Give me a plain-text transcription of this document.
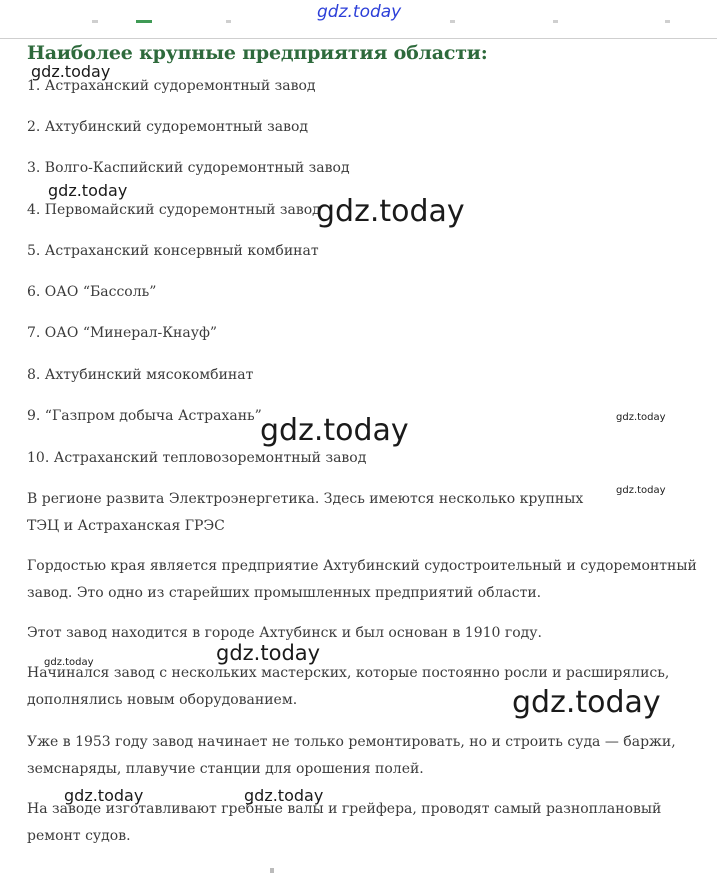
Наиболее крупные предприятия области:

1. Астраханский судоремонтный завод

2. Ахтубинский судоремонтный завод

3. Волго-Каспийский судоремонтный завод

4. Первомайский судоремонтный завод

5. Астраханский консервный комбинат

6. ОАО “Бассоль”

7. ОАО “Минерал-Кнауф”

8. Ахтубинский мясокомбинат

9. “Газпром добыча Астрахань”

10. Астраханский тепловозоремонтный завод

В регионе развита Электроэнергетика. Здесь имеются несколько крупных ТЭЦ и Астраханская ГРЭС

Гордостью края является предприятие Ахтубинский судостроительный и судоремонтный завод. Это одно из старейших промышленных предприятий области.

Этот завод находится в городе Ахтубинск и был основан в 1910 году.

Начинался завод с нескольких мастерских, которые постоянно росли и расширялись, дополнялись новым оборудованием.

Уже в 1953 году завод начинает не только ремонтировать, но и строить суда — баржи, земснаряды, плавучие станции для орошения полей.

На заводе изготавливают гребные валы и грейфера, проводят самый разноплановый ремонт судов.

gdz.today
gdz.today
gdz.today
gdz.today
gdz.today
gdz.today
gdz.today
gdz.today	gdz.today
gdz.today
gdz.today	gdz.today
